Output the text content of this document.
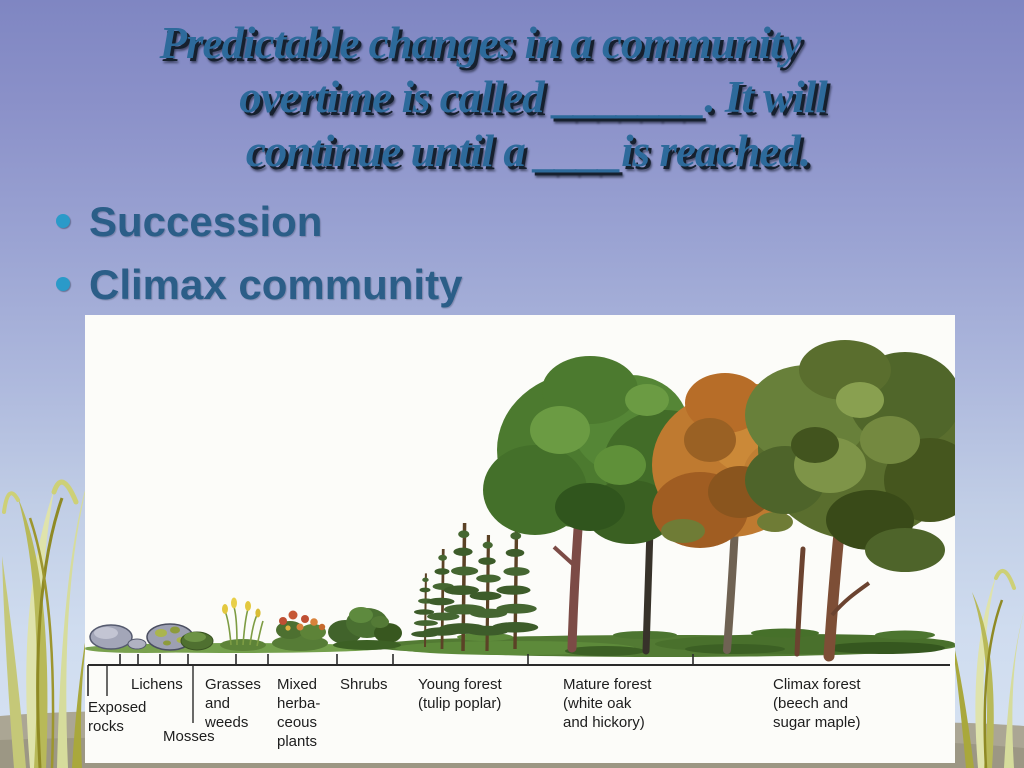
Predictable changes in a community
overtime is called _______. It will
continue until a ____is reached.
Succession
Climax community
Exposed
rocks
Lichens
Mosses
Grasses
and
weeds
Mixed
herba-
ceous
plants
Shrubs Young forest
(tulip poplar)
Mature forest
(white oak
and hickory)
Climax forest
(beech and
sugar maple)
